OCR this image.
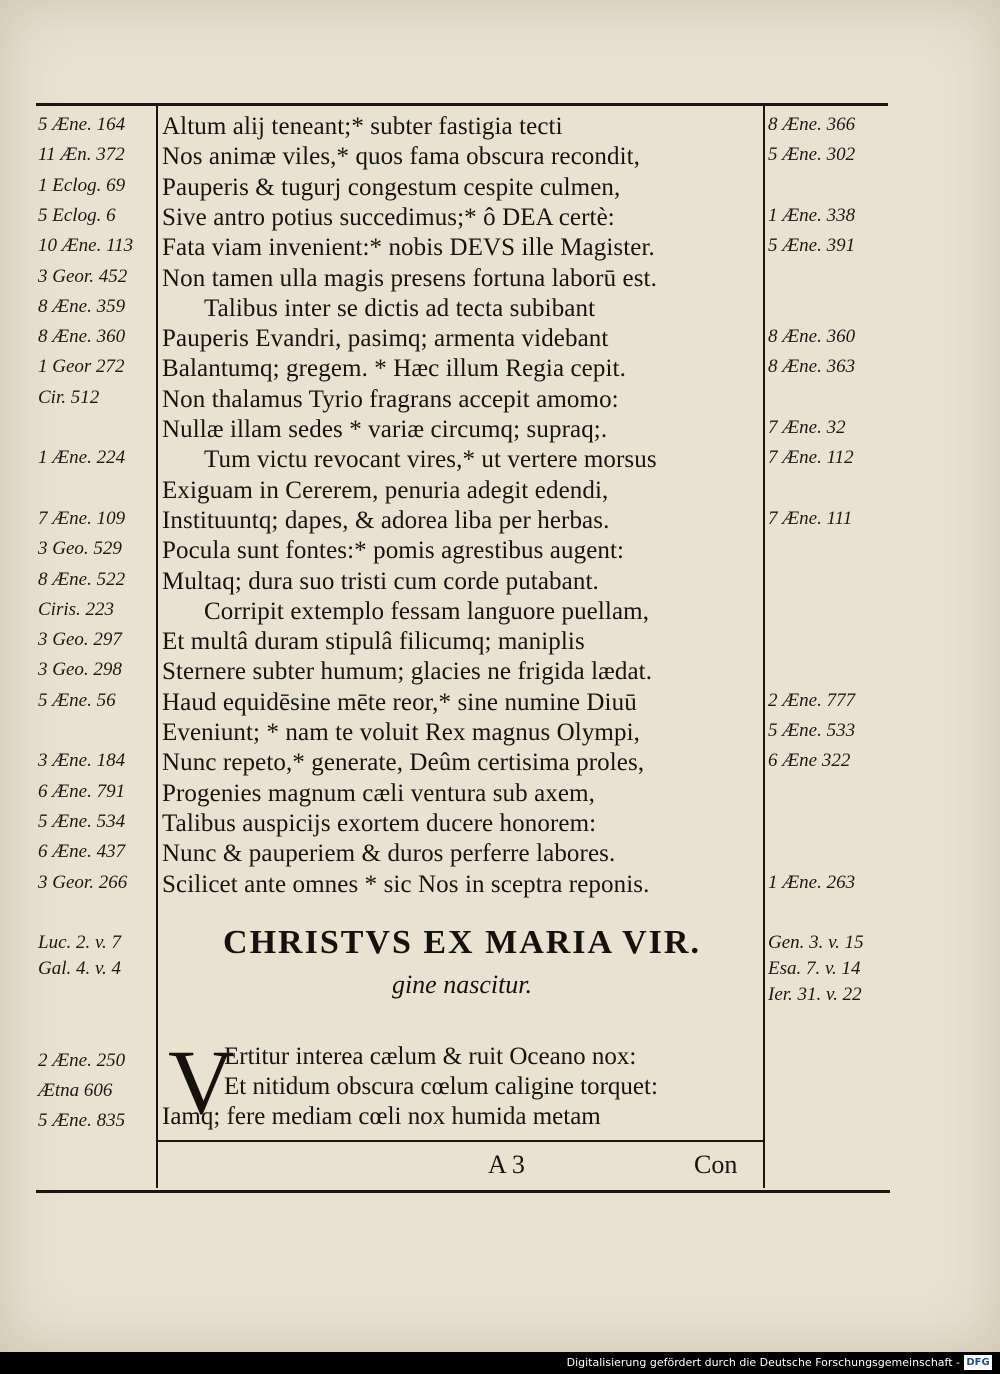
5 Æne. 164
11 Æn. 372
1 Eclog. 69
5 Eclog. 6
10 Æne. 113
3 Geor. 452
8 Æne. 359
8 Æne. 360
1 Geor 272
Cir. 512
1 Æne. 224
7 Æne. 109
3 Geo. 529
8 Æne. 522
Ciris. 223
3 Geo. 297
3 Geo. 298
5 Æne. 56
3 Æne. 184
6 Æne. 791
5 Æne. 534
6 Æne. 437
3 Geor. 266
Altum alij teneant;* subter fastigia tecti
Nos animæ viles,* quos fama obscura recondit,
Pauperis & tugurj congestum cespite culmen,
Sive antro potius succedimus;* ô DEA certè:
Fata viam invenient:* nobis DEVS ille Magister.
Non tamen ulla magis presens fortuna laborū est.
Talibus inter se dictis ad tecta subibant
Pauperis Evandri, pasimq; armenta videbant
Balantumq; gregem. * Hæc illum Regia cepit.
Non thalamus Tyrio fragrans accepit amomo:
Nullæ illam sedes * variæ circumq; supraq;.
Tum victu revocant vires,* ut vertere morsus
Exiguam in Cererem, penuria adegit edendi,
Instituuntq; dapes, & adorea liba per herbas.
Pocula sunt fontes:* pomis agrestibus augent:
Multaq; dura suo tristi cum corde putabant.
Corripit extemplo fessam languore puellam,
Et multâ duram stipulâ filicumq; maniplis
Sternere subter humum; glacies ne frigida lædat.
Haud equidēsine mēte reor,* sine numine Diuū
Eveniunt; * nam te voluit Rex magnus Olympi,
Nunc repeto,* generate, Deûm certisima proles,
Progenies magnum cæli ventura sub axem,
Talibus auspicijs exortem ducere honorem:
Nunc & pauperiem & duros perferre labores.
Scilicet ante omnes * sic Nos in sceptra reponis.
8 Æne. 366
5 Æne. 302
1 Æne. 338
5 Æne. 391
8 Æne. 360
8 Æne. 363
7 Æne. 32
7 Æne. 112
7 Æne. 111
2 Æne. 777
5 Æne. 533
6 Æne 322
1 Æne. 263
Luc. 2. v. 7
Gal. 4. v. 4
Gen. 3. v. 15
Esa. 7. v. 14
Ier. 31. v. 22
CHRISTVS EX MARIA VIR.
gine nascitur.
2 Æne. 250
Ætna 606
5 Æne. 835 V
Ertitur interea cælum & ruit Oceano nox:
Et nitidum obscura cœlum caligine torquet:
Iamq; fere mediam cœli nox humida metam
A 3	Con
Digitalisierung gefördert durch die Deutsche Forschungsgemeinschaft - DFG
